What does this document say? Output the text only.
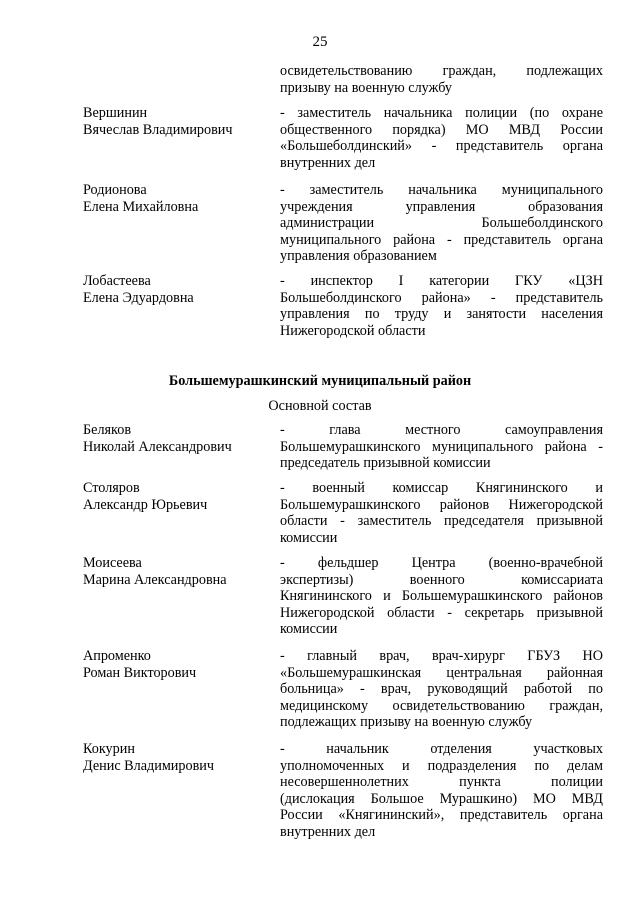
25
освидетельствованию граждан, подлежащих
призыву на военную службу
Вершинин
Вячеслав Владимирович
- заместитель начальника полиции (по охране
общественного порядка) МО МВД России
«Большеболдинский» - представитель органа
внутренних дел
Родионова
Елена Михайловна
- заместитель начальника муниципального
учреждения управления образования
администрации Большеболдинского
муниципального района - представитель органа
управления образованием
Лобастеева
Елена Эдуардовна
- инспектор I категории ГКУ «ЦЗН
Большеболдинского района» - представитель
управления по труду и занятости населения
Нижегородской области
Большемурашкинский муниципальный район
Основной состав
Беляков
Николай Александрович
- глава местного самоуправления
Большемурашкинского муниципального района -
председатель призывной комиссии
Столяров
Александр Юрьевич
- военный комиссар Княгининского и
Большемурашкинского районов Нижегородской
области - заместитель председателя призывной
комиссии
Моисеева
Марина Александровна
- фельдшер Центра (военно-врачебной
экспертизы) военного комиссариата
Княгининского и Большемурашкинского районов
Нижегородской области - секретарь призывной
комиссии
Апроменко
Роман Викторович
- главный врач, врач-хирург ГБУЗ НО
«Большемурашкинская центральная районная
больница» - врач, руководящий работой по
медицинскому освидетельствованию граждан,
подлежащих призыву на военную службу
Кокурин
Денис Владимирович
- начальник отделения участковых
уполномоченных и подразделения по делам
несовершеннолетних пункта полиции
(дислокация Большое Мурашкино) МО МВД
России «Княгининский», представитель органа
внутренних дел
